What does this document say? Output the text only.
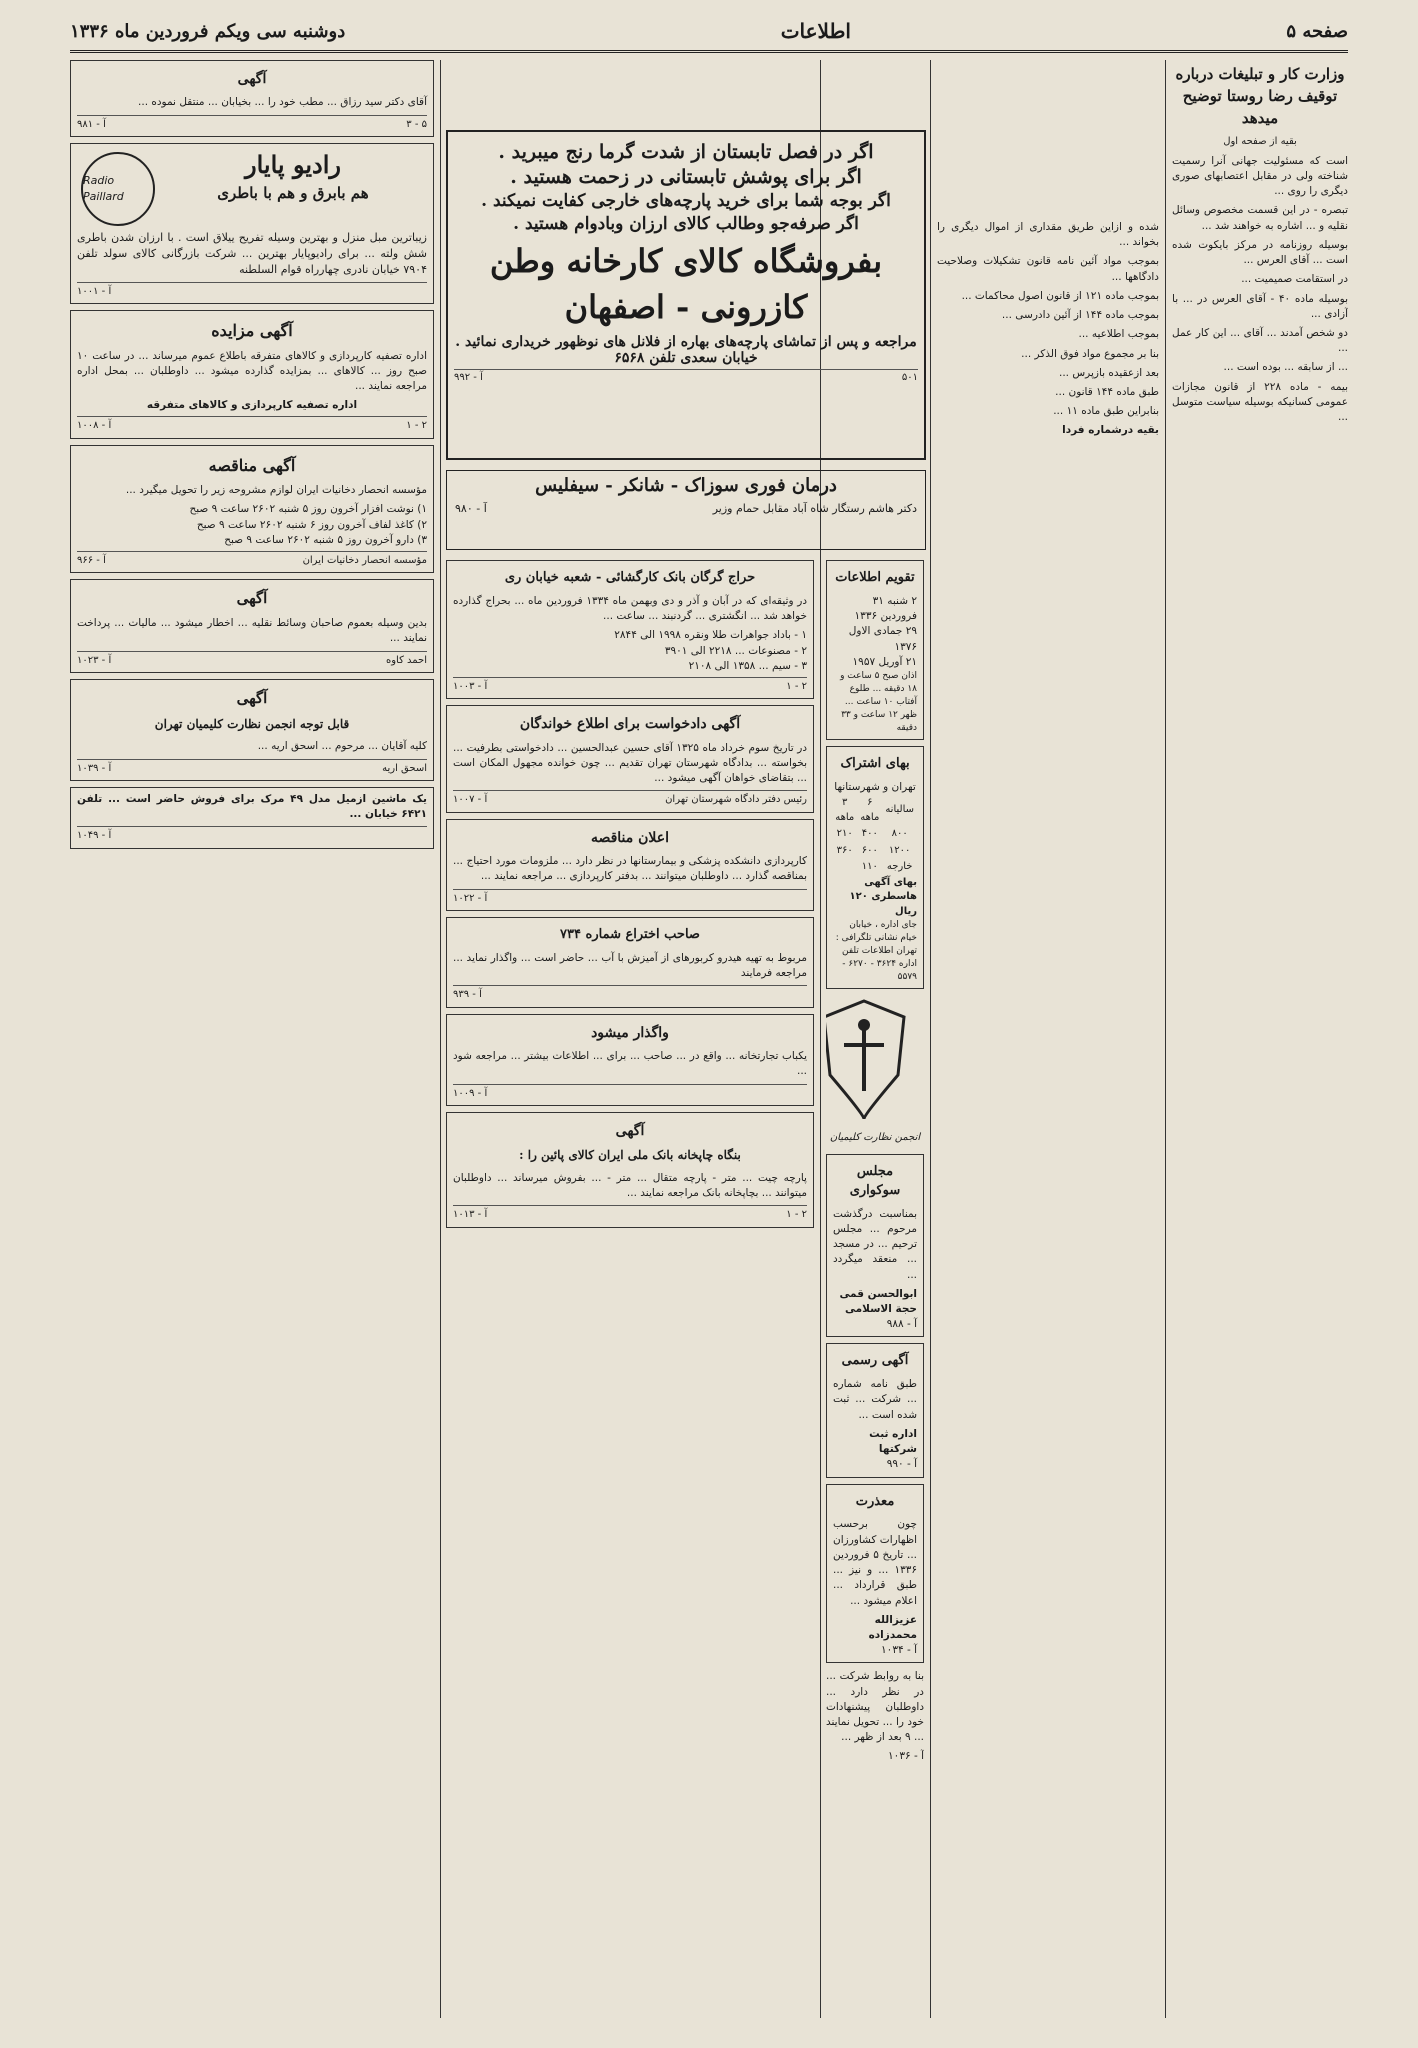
صفحه ۵
اطلاعات
دوشنبه سی ویکم فروردین ماه ۱۳۳۶
وزارت کار و تبلیغات درباره توقیف رضا روستا توضیح میدهد
بقیه از صفحه اول

است که مسئولیت جهانی آنرا رسمیت شناخته ولی در مقابل اعتصابهای صوری دیگری را روی ...

تبصره - در این قسمت مخصوص وسائل نقلیه و ... اشاره به خواهند شد ...

بوسیله روزنامه در مرکز بایکوت شده است ... آقای العرس ...

در استقامت صمیمیت ...

بوسیله ماده ۴۰ - آقای العرس در ... با آزادی ...

دو شخص آمدند ... آقای ... این کار عمل ...

... از سابقه ... بوده است ...

بیمه - ماده ۲۲۸ از قانون مجازات عمومی کسانیکه بوسیله سیاست متوسل ...

شده و ازاین طریق مقداری از اموال دیگری را بخواند ...

بموجب مواد آئین نامه قانون تشکیلات وصلاحیت دادگاهها ...

بموجب ماده ۱۲۱ از قانون اصول محاکمات ...

بموجب ماده ۱۴۴ از آئین دادرسی ...

بموجب اطلاعیه ...

بنا بر مجموع مواد فوق الذکر ...

بعد ازعقیده بازپرس ...

طبق ماده ۱۴۴ قانون ...

بنابراین طبق ماده ۱۱ ...

بقیه درشماره فردا
اگر در فصل تابستان از شدت گرما رنج میبرید .
اگر برای پوشش تابستانی در زحمت هستید .
اگر بوجه شما برای خرید پارچه‌های خارجی کفایت نمیکند .
اگر صرفه‌جو وطالب کالای ارزان وبادوام هستید .
بفروشگاه کالای کارخانه وطن
کازرونی - اصفهان
مراجعه و پس از تماشای پارچه‌های بهاره از فلانل های نوظهور خریداری نمائید . خیابان سعدی تلفن ۶۵۶۸
۵۰۱
آ - ۹۹۲
درمان فوری سوزاک - شانکر - سیفلیس
دکتر هاشم رستگار شاه آباد مقابل حمام وزیر
آ - ۹۸۰
تقویم اطلاعات
۲ شنبه ۳۱ فروردین ۱۳۳۶
۲۹ جمادی الاول ۱۳۷۶
۲۱ آوریل ۱۹۵۷
اذان صبح ۵ ساعت و ۱۸ دقیقه ... طلوع آفتاب ۱۰ ساعت ... ظهر ۱۲ ساعت و ۳۳ دقیقه
بهای اشتراک
تهران و شهرستانها
سالیانه	۶ ماهه	۳ ماهه
۸۰۰	۴۰۰	۲۱۰
۱۲۰۰	۶۰۰	۳۶۰
خارجه	۱۱۰	
بهای آگهی هاسطری ۱۲۰ ریال
جای اداره ، خیابان خیام نشانی تلگرافی : تهران اطلاعات تلفن اداره ۳۶۲۴ - ۶۲۷۰ - ۵۵۷۹
انجمن نظارت کلیمیان
مجلس سوکواری
بمناسبت درگذشت مرحوم ... مجلس ترحیم ... در مسجد ... منعقد میگردد ...
ابوالحسن قمی حجة الاسلامی
آ - ۹۸۸
آگهی رسمی
طبق نامه شماره ... شرکت ... ثبت شده است ...
اداره ثبت شرکتها
آ - ۹۹۰
معذرت
چون برحسب اظهارات کشاورزان ... تاریخ ۵ فروردین ۱۳۳۶ ... و نیز ... طبق قرارداد ... اعلام میشود ...
عزیزالله محمدزاده
آ - ۱۰۳۴
بنا به روابط شرکت ... در نظر دارد ... داوطلبان پیشنهادات خود را ... تحویل نمایند ... ۹ بعد از ظهر ...
آ - ۱۰۳۶
حراج گرگان بانک کارگشائی - شعبه خیابان ری
در وثیقه‌ای که در آبان و آذر و دی وبهمن ماه ۱۳۳۴ فروردین ماه ... بحراج گذارده خواهد شد ... انگشتری ... گردنبند ... ساعت ...
۱ - باداد جواهرات طلا ونقره ۱۹۹۸ الی ۲۸۴۴
۲ - مصنوعات ... ۲۲۱۸ الی ۳۹۰۱
۳ - سیم ... ۱۳۵۸ الی ۲۱۰۸
۲ - ۱
آ - ۱۰۰۳
آگهی دادخواست برای اطلاع خواندگان
در تاریخ سوم خرداد ماه ۱۳۲۵ آقای حسین عبدالحسین ... دادخواستی بطرفیت ... بخواسته ... بدادگاه شهرستان تهران تقدیم ... چون خوانده مجهول المکان است ... بتقاضای خواهان آگهی میشود ...
رئیس دفتر دادگاه شهرستان تهران
آ - ۱۰۰۷
اعلان مناقصه
کارپردازی دانشکده پزشکی و بیمارستانها در نظر دارد ... ملزومات مورد احتیاج ... بمناقصه گذارد ... داوطلبان میتوانند ... بدفتر کارپردازی ... مراجعه نمایند ...
آ - ۱۰۲۲
صاحب اختراع شماره ۷۳۴
مربوط به تهیه هیدرو کربورهای از آمیزش با آب ... حاضر است ... واگذار نماید ... مراجعه فرمایند
آ - ۹۳۹
واگذار میشود
یکباب تجارتخانه ... واقع در ... صاحب ... برای ... اطلاعات بیشتر ... مراجعه شود ...
آ - ۱۰۰۹
آگهی
بنگاه چاپخانه بانک ملی ایران کالای پائین را :
پارچه چیت ... متر - پارچه متقال ... متر - ... بفروش میرساند ... داوطلبان میتوانند ... بچاپخانه بانک مراجعه نمایند ...
۲ - ۱
آ - ۱۰۱۳
آگهی
آقای دکتر سید رزاق ... مطب خود را ... بخیابان ... منتقل نموده ...
۵ - ۳
آ - ۹۸۱
Radio Paillard
رادیو پایار
هم بابرق و هم با باطری
زیباترین مبل منزل و بهترین وسیله تفریح ییلاق است . با ارزان شدن باطری شش ولته ... برای رادیوپایار بهترین ... شرکت بازرگانی کالای سولد تلفن ۷۹۰۴ خیابان نادری چهارراه قوام السلطنه
آ - ۱۰۰۱
آگهی مزایده
اداره تصفیه کارپردازی و کالاهای متفرقه باطلاع عموم میرساند ... در ساعت ۱۰ صبح روز ... کالاهای ... بمزایده گذارده میشود ... داوطلبان ... بمحل اداره مراجعه نمایند ...
اداره تصفیه کارپردازی و کالاهای متفرقه
۲ - ۱
آ - ۱۰۰۸
آگهی مناقصه
مؤسسه انحصار دخانیات ایران لوازم مشروحه زیر را تحویل میگیرد ...
۱) نوشت افزار آخرون روز ۵ شنبه ۲۶۰۲ ساعت ۹ صبح
۲) کاغذ لفاف آخرون روز ۶ شنبه ۲۶۰۲ ساعت ۹ صبح
۳) دارو آخرون روز ۵ شنبه ۲۶۰۲ ساعت ۹ صبح
مؤسسه انحصار دخانیات ایران
آ - ۹۶۶
آگهی
بدین وسیله بعموم صاحبان وسائط نقلیه ... اخطار میشود ... مالیات ... پرداخت نمایند ...
احمد کاوه
آ - ۱۰۲۳
آگهی
قابل توجه انجمن نظارت کلیمیان تهران
کلیه آقایان ... مرحوم ... اسحق اریه ...
اسحق اریه
آ - ۱۰۳۹
یک ماشین ازمیل مدل ۴۹ مرک برای فروش حاضر است ... تلفن ۶۴۲۱ خیابان ...
آ - ۱۰۴۹
